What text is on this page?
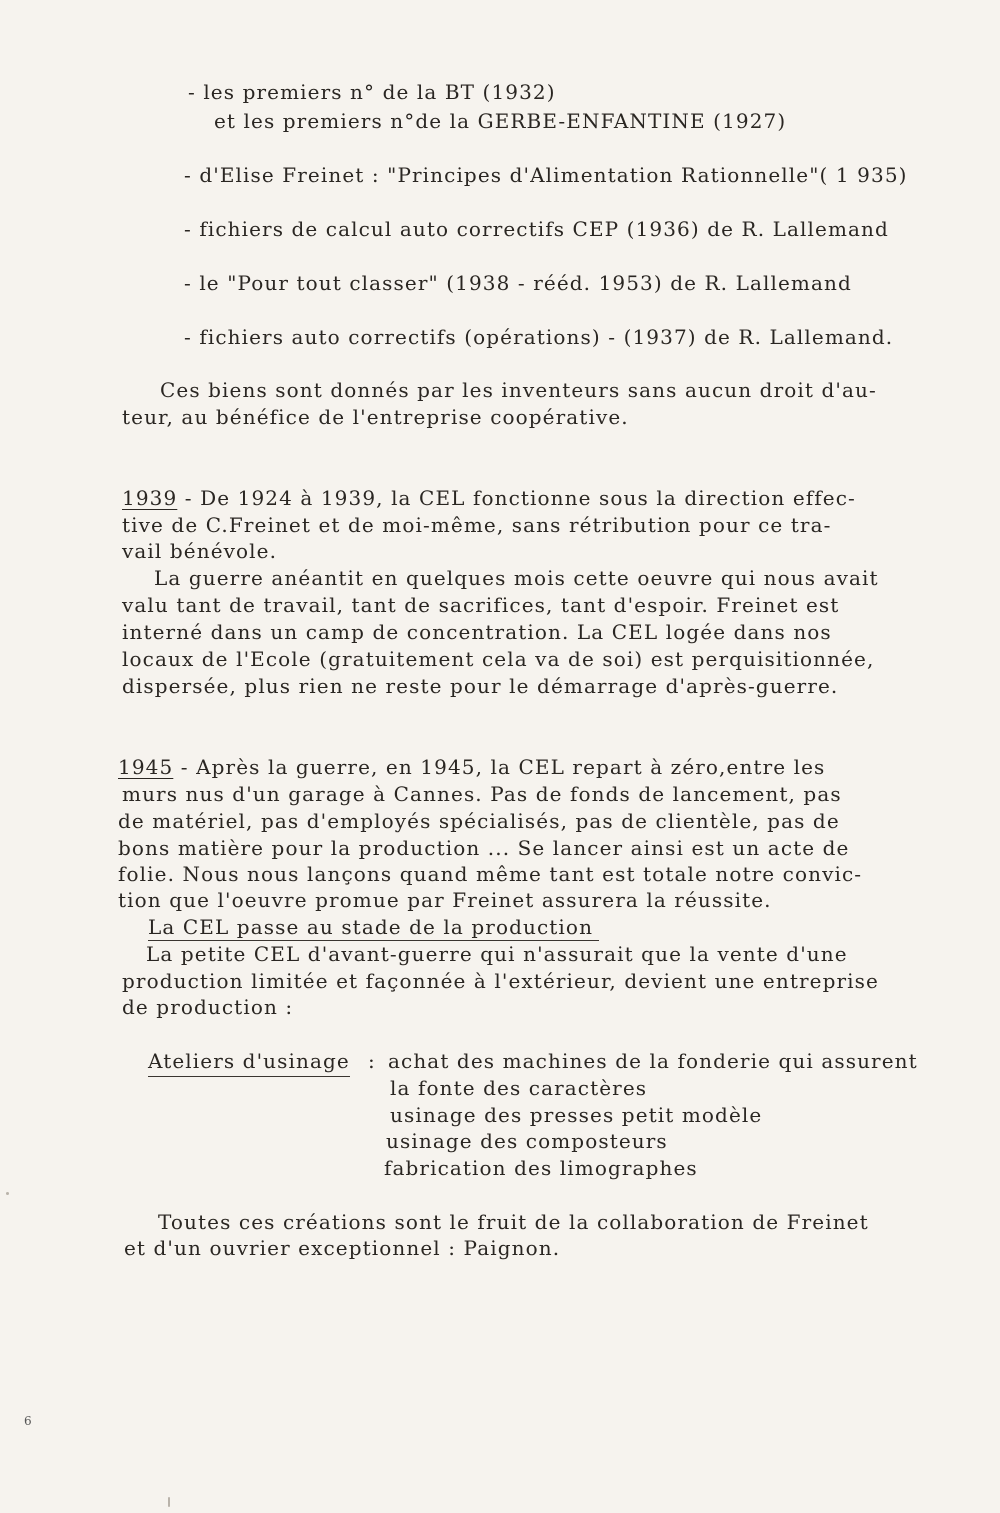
- les premiers n° de la BT (1932)
et les premiers n°de la GERBE-ENFANTINE (1927)
- d'Elise Freinet : "Principes d'Alimentation Rationnelle"( 1 935)
- fichiers de calcul auto correctifs CEP (1936) de R. Lallemand
- le "Pour tout classer" (1938 - rééd. 1953) de R. Lallemand
- fichiers auto correctifs (opérations) - (1937) de R. Lallemand.
Ces biens sont donnés par les inventeurs sans aucun droit d'au-
teur, au bénéfice de l'entreprise coopérative.
1939 - De 1924 à 1939, la CEL fonctionne sous la direction effec-
tive de C.Freinet et de moi-même, sans rétribution pour ce tra-
vail bénévole.
La guerre anéantit en quelques mois cette oeuvre qui nous avait
valu tant de travail, tant de sacrifices, tant d'espoir. Freinet est
interné dans un camp de concentration. La CEL logée dans nos
locaux de l'Ecole (gratuitement cela va de soi) est perquisitionnée,
dispersée, plus rien ne reste pour le démarrage d'après-guerre.
1945 - Après la guerre, en 1945, la CEL repart à zéro,entre les
murs nus d'un garage à Cannes. Pas de fonds de lancement, pas
de matériel, pas d'employés spécialisés, pas de clientèle, pas de
bons matière pour la production ... Se lancer ainsi est un acte de
folie. Nous nous lançons quand même tant est totale notre convic-
tion que l'oeuvre promue par Freinet assurera la réussite.
La CEL passe au stade de la production
La petite CEL d'avant-guerre qui n'assurait que la vente d'une
production limitée et façonnée à l'extérieur, devient une entreprise
de production :
Ateliers d'usinage : achat des machines de la fonderie qui assurent
la fonte des caractères
usinage des presses petit modèle
usinage des composteurs
fabrication des limographes
Toutes ces créations sont le fruit de la collaboration de Freinet
et d'un ouvrier exceptionnel : Paignon.
6
